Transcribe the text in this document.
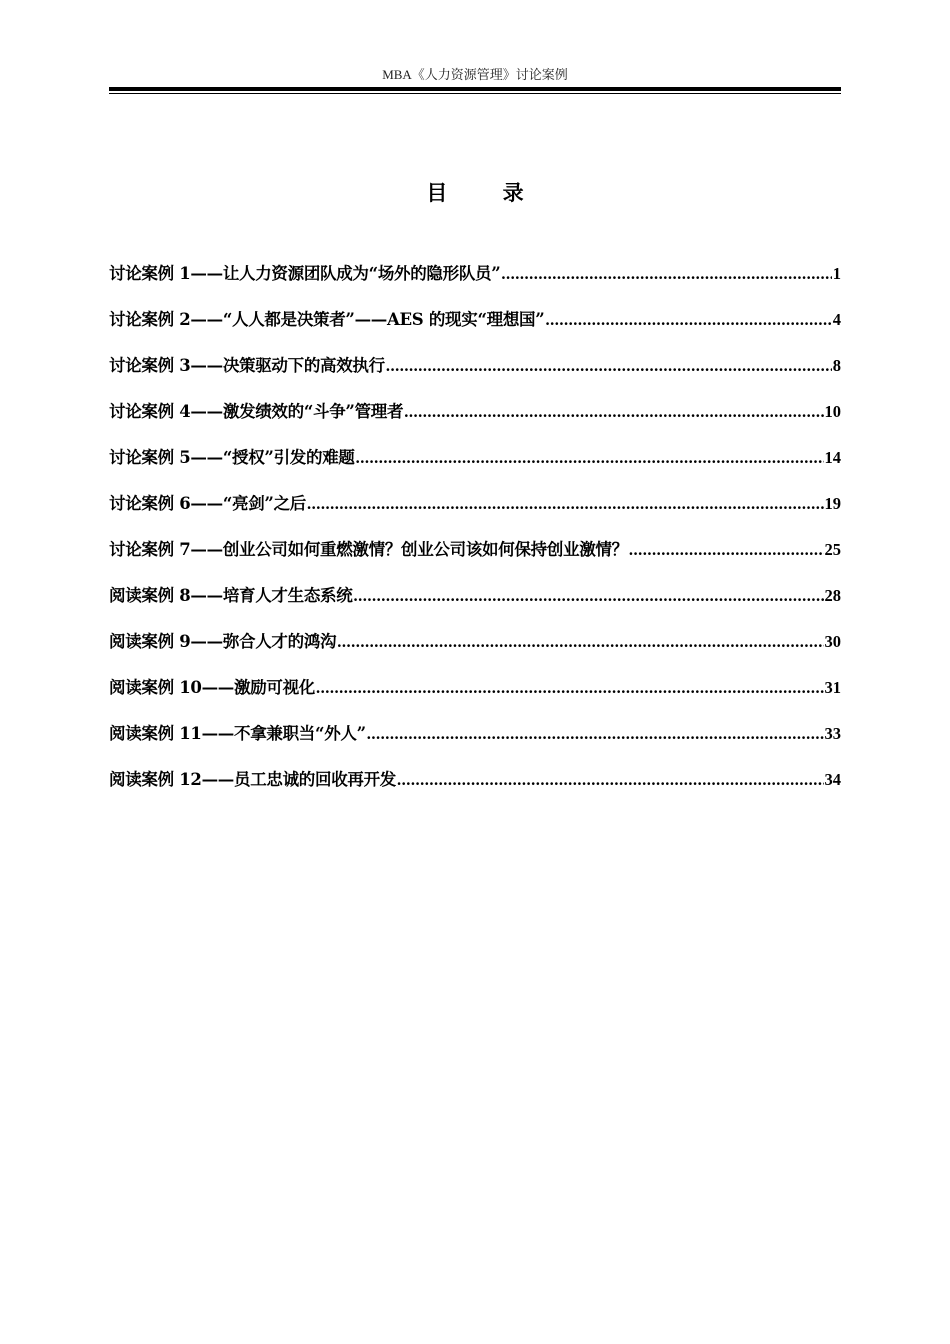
MBA《人力资源管理》讨论案例
目 录
讨论案例 1——让人力资源团队成为“场外的隐形队员” .....	1
讨论案例 2——“人人都是决策者”——AES 的现实“理想国” .....	4
讨论案例 3——决策驱动下的高效执行 .....	8
讨论案例 4——激发绩效的“斗争”管理者 .....	10
讨论案例 5——“授权”引发的难题 .....	14
讨论案例 6——“亮剑”之后 .....	19
讨论案例 7——创业公司如何重燃激情？创业公司该如何保持创业激情？ .....	25
阅读案例 8——培育人才生态系统 .....	28
阅读案例 9——弥合人才的鸿沟 .....	30
阅读案例 10——激励可视化 .....	31
阅读案例 11——不拿兼职当“外人” .....	33
阅读案例 12——员工忠诚的回收再开发 .....	34
